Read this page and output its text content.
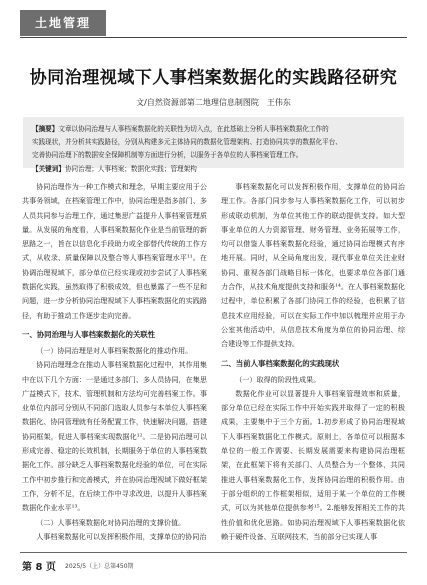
土地管理
协同治理视域下人事档案数据化的实践路径研究
文/自然资源部第二地理信息制图院　王伟东
【摘要】文章以协同治理与人事档案数据化的关联性为切入点，在此基础上分析人事档案数据化工作的
实践现状，并分析其实践路径，分别从构建多元主体协同的数据化管理架构、打造协同共享的数据化平台、
完善协同治理下的数据安全保障机制等方面进行分析，以服务于各单位的人事档案管理工作。
【关键词】协同治理；人事档案；数据化实践；管理架构

协同治理作为一种工作模式和理念，早期主要应用于公共事务领域，在档案管理工作中，协同治理是指多部门、多人员共同参与治理工作，通过集思广益提升人事档案管理质量。从发展的角度看，人事档案数据化作业是当前管理的新思路之一，旨在以信息化手段助力或全部替代传统的工作方式，从收录、质量保障以及整合等人事档案管理水平¹¹。在协调治理视域下，部分单位已经实现或初步尝试了人事档案数据化实践，虽然取得了积极成效，但也暴露了一些不足和问题，进一步分析协同治理视域下人事档案数据化的实践路径，有助于推动工作逐步走向完善。

一、协同治理与人事档案数据化的关联性

（一）协同治理是对人事档案数据化的推动作用。

协同治理理念在推动人事档案数据化过程中，其作用集中在以下几个方面：一是通过多部门、多人员协同，在集思广益模式下，技术、管理机制和方法均可完善档案工作。事业单位内部可分别从不同部门选取人员参与本单位人事档案数据化、协同管理就有任务配置工作，快速解决问题，搭建协同框架，促进人事档案实现数据化¹²。二是协同治理可以形成完善、稳定的长效机制，长期服务于单位的人事档案数据化工作。部分缺乏人事档案数据化经验的单位，可在实际工作中初步推行和完善模式，并在协同治理视域下做好框架工作，分析不足，在后续工作中寻求改进，以提升人事档案数据化作业水平¹³。

（二）人事档案数据化对协同治理的支撑价值。

人事档案数据化可以发挥积极作用，支撑单位的协同治

事档案数据化可以发挥积极作用，支撑单位的协同治理工作。各部门同步参与人事档案数据化工作，可以初步形成联动机制，为单位其他工作的联动提供支持。如大型事业单位的人力资源管理、财务管理、业务拓展等工作，均可以借鉴人事档案数据化经验，通过协同治理模式有序地开展。同时，从全局角度出发，现代事业单位关注业财协同、重视各部门战略目标一体化，也要求单位各部门通力合作，从技术角度提供支持和服务¹⁴。在人事档案数据化过程中，单位积累了各部门协同工作的经验，也积累了信息技术应用经验，可以在实际工作中加以梳理并应用于办公室其他活动中，从信息技术角度为单位的协同治理、综合建设等工作提供支持。

二、当前人事档案数据化的实践现状

（一）取得的阶段性成果。

数据化作业可以显著提升人事档案管理效率和质量，部分单位已经在实际工作中开始实践并取得了一定的积极成果，主要集中于三个方面。1.初步形成了协同治理视域下人事档案数据化工作模式。原则上，各单位可以根据本单位的一般工作需要、长期发展需要来构建协同治理框架，在此框架下将有关部门、人员整合为一个整体，共同推进人事档案数据化工作，发挥协同治理的积极作用。由于部分组织的工作框架相似，适用于某一个单位的工作模式，可以为其他单位提供参考¹⁵。2.能够发挥相关工作的共性价值和优化思路。如协同治理视域下人事档案数据化依赖于硬件设备、互联网技术，当前部分已实现人事

第 8 页 2025/5（上）总第450期
